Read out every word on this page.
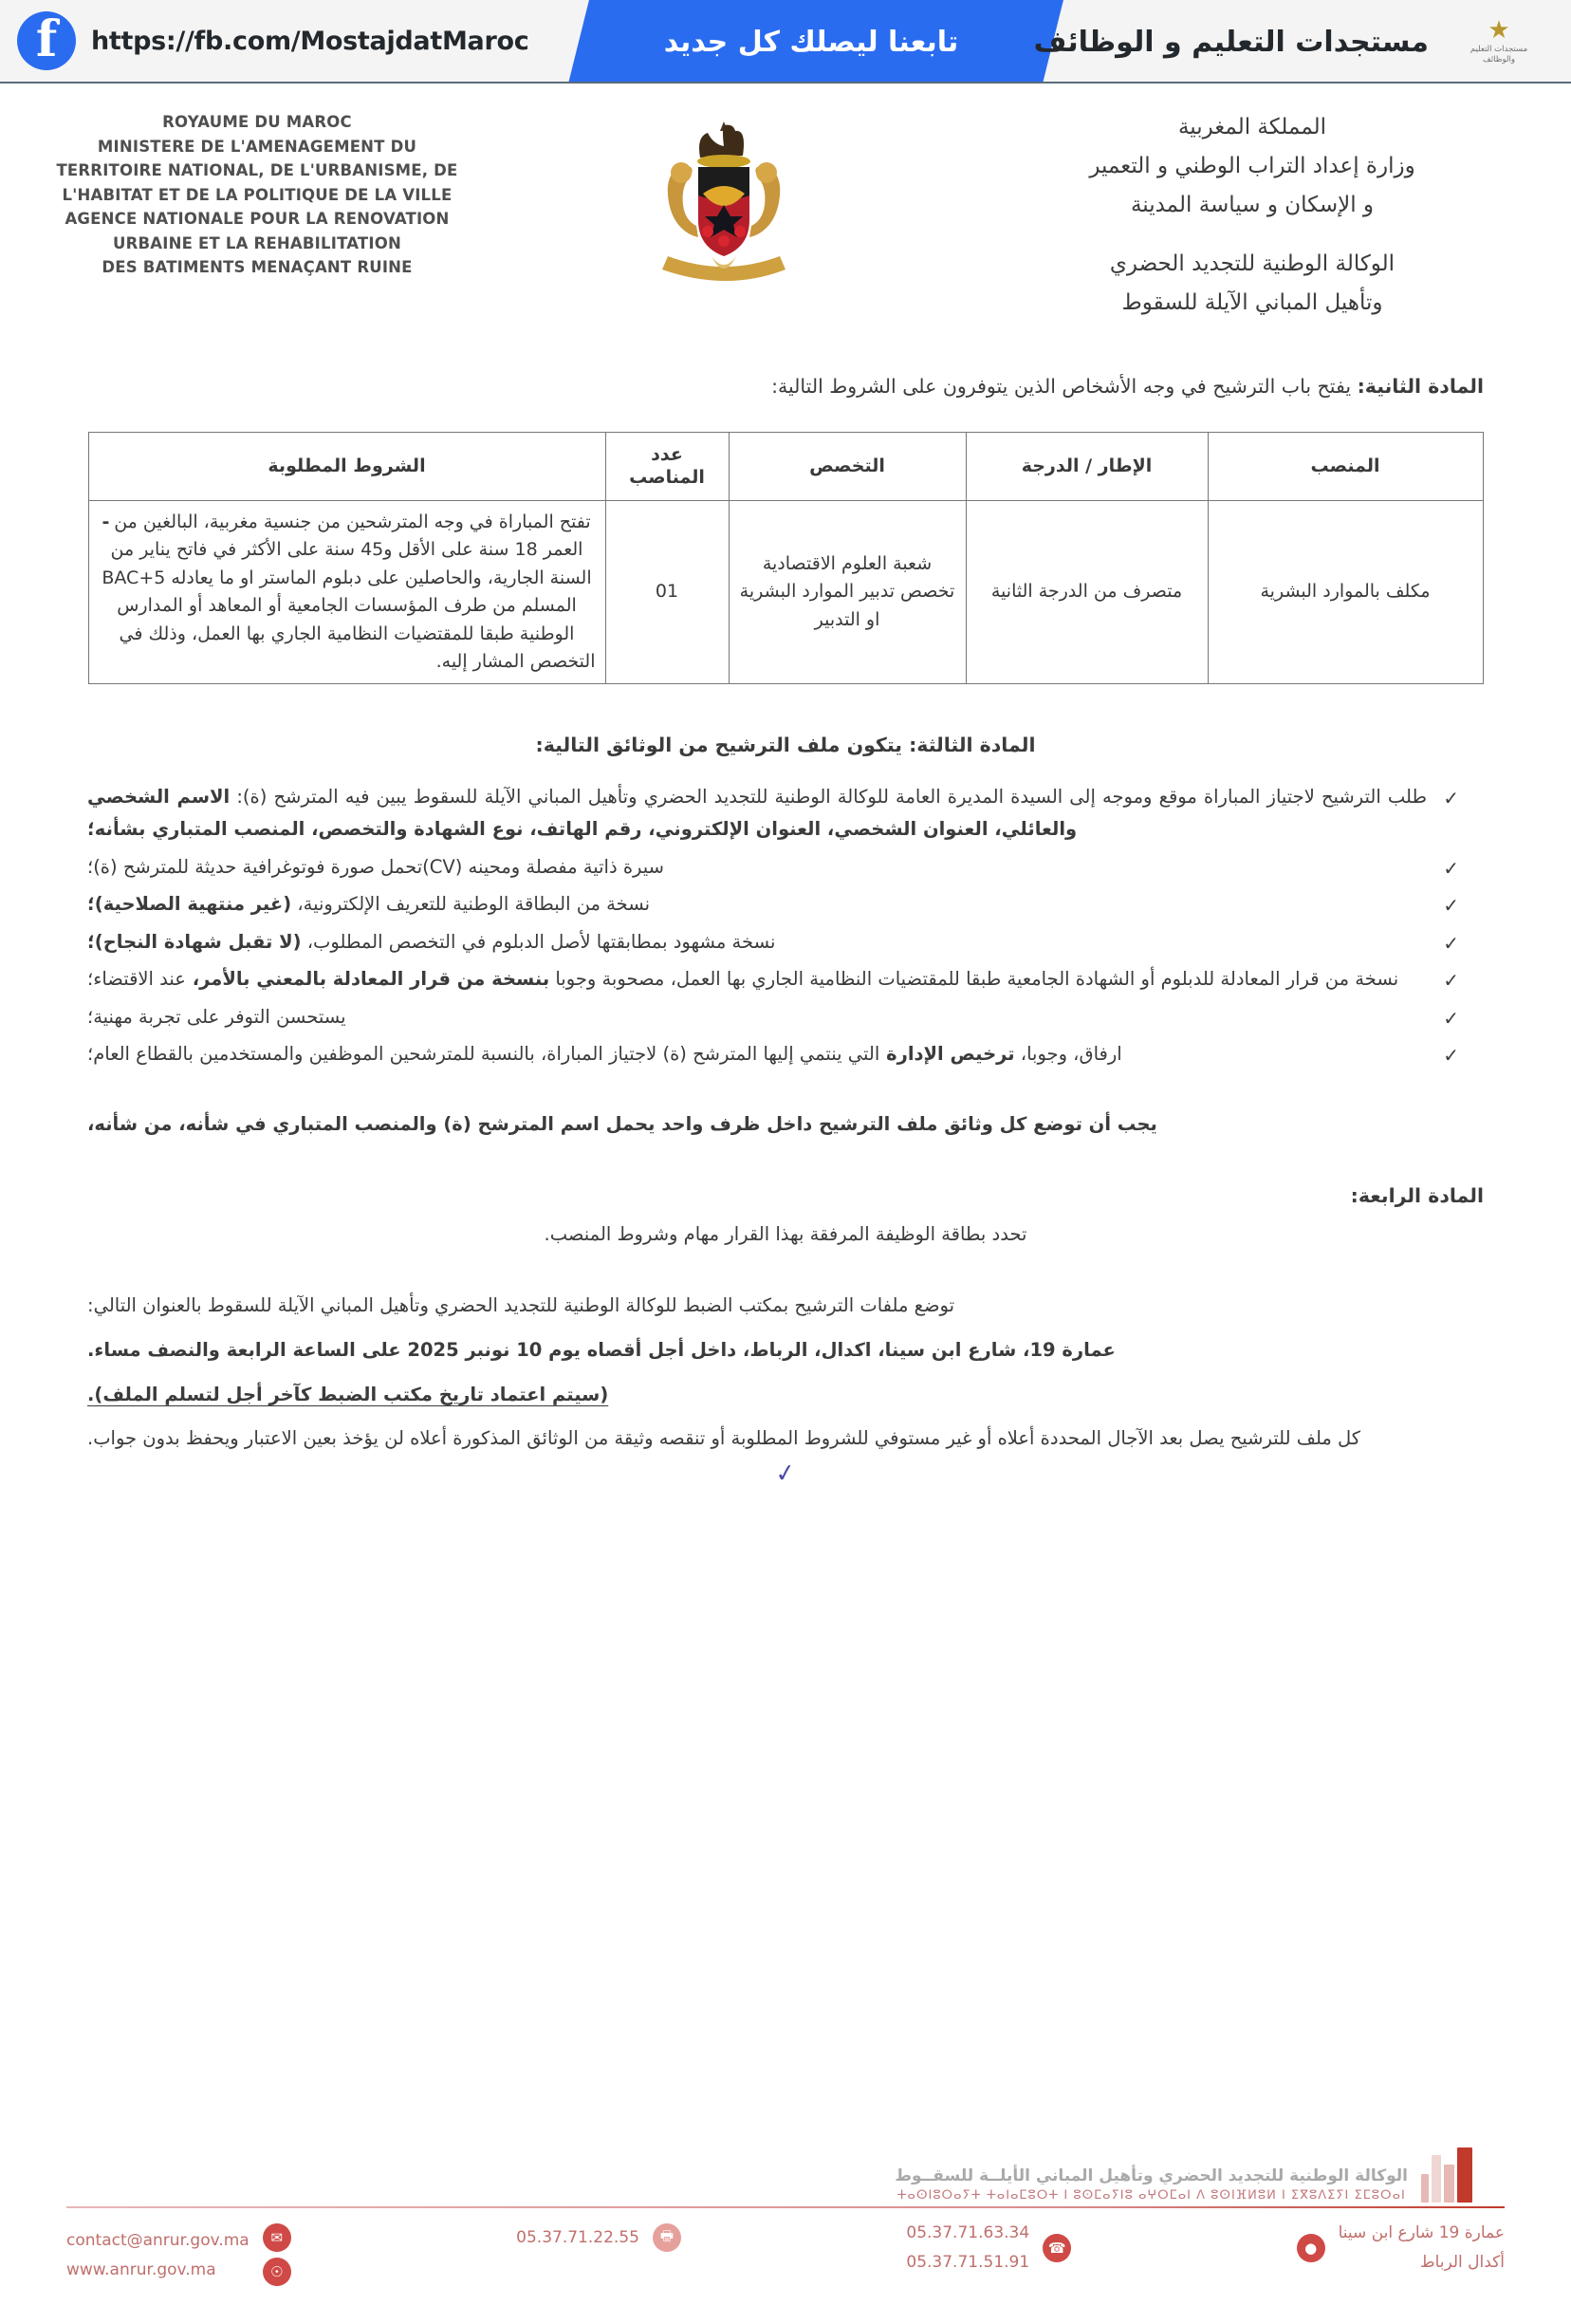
f
https://fb.com/MostajdatMaroc	تابعنا ليصلك كل جديد	مستجدات التعليم و الوظائف ★
مستجدات التعليم
والوظائف
ROYAUME DU MAROC
MINISTERE DE L'AMENAGEMENT DU
TERRITOIRE NATIONAL, DE L'URBANISME, DE
L'HABITAT ET DE LA POLITIQUE DE LA VILLE
AGENCE NATIONALE POUR LA RENOVATION
URBAINE ET LA REHABILITATION
DES BATIMENTS MENAÇANT RUINE
المملكة المغربية
وزارة إعداد التراب الوطني و التعمير
و الإسكان و سياسة المدينة
الوكالة الوطنية للتجديد الحضري
وتأهيل المباني الآيلة للسقوط
المادة الثانية: يفتح باب الترشيح في وجه الأشخاص الذين يتوفرون على الشروط التالية:
المنصب	الإطار / الدرجة	التخصص	عدد المناصب	الشروط المطلوبة
مكلف بالموارد البشرية	متصرف من الدرجة الثانية	شعبة العلوم الاقتصادية تخصص تدبير الموارد البشرية او التدبير	01	- تفتح المباراة في وجه المترشحين من جنسية مغربية، البالغين من العمر 18 سنة على الأقل و45 سنة على الأكثر في فاتح يناير من السنة الجارية، والحاصلين على دبلوم الماستر او ما يعادله BAC+5 المسلم من طرف المؤسسات الجامعية أو المعاهد أو المدارس الوطنية طبقا للمقتضيات النظامية الجاري بها العمل، وذلك في التخصص المشار إليه.
المادة الثالثة: يتكون ملف الترشيح من الوثائق التالية:
✓ طلب الترشيح لاجتياز المباراة موقع وموجه إلى السيدة المديرة العامة للوكالة الوطنية للتجديد الحضري وتأهيل المباني الآيلة للسقوط يبين فيه المترشح (ة): الاسم الشخصي والعائلي، العنوان الشخصي، العنوان الإلكتروني، رقم الهاتف، نوع الشهادة والتخصص، المنصب المتباري بشأنه؛
✓ سيرة ذاتية مفصلة ومحينه (CV)تحمل صورة فوتوغرافية حديثة للمترشح (ة)؛
✓ نسخة من البطاقة الوطنية للتعريف الإلكترونية، (غير منتهية الصلاحية)؛
✓ نسخة مشهود بمطابقتها لأصل الدبلوم في التخصص المطلوب، (لا تقبل شهادة النجاح)؛
✓ نسخة من قرار المعادلة للدبلوم أو الشهادة الجامعية طبقا للمقتضيات النظامية الجاري بها العمل، مصحوبة وجوبا بنسخة من قرار المعادلة بالمعني بالأمر، عند الاقتضاء؛
✓ يستحسن التوفر على تجربة مهنية؛
✓ ارفاق، وجوبا، ترخيص الإدارة التي ينتمي إليها المترشح (ة) لاجتياز المباراة، بالنسبة للمترشحين الموظفين والمستخدمين بالقطاع العام؛
يجب أن توضع كل وثائق ملف الترشيح داخل ظرف واحد يحمل اسم المترشح (ة) والمنصب المتباري في شأنه، من شأنه،
المادة الرابعة:
تحدد بطاقة الوظيفة المرفقة بهذا القرار مهام وشروط المنصب.
توضع ملفات الترشيح بمكتب الضبط للوكالة الوطنية للتجديد الحضري وتأهيل المباني الآيلة للسقوط بالعنوان التالي:
عمارة 19، شارع ابن سينا، اكدال، الرباط، داخل أجل أقصاه يوم 10 نونبر 2025 على الساعة الرابعة والنصف مساء.
(سيتم اعتماد تاريخ مكتب الضبط كآخر أجل لتسلم الملف).
كل ملف للترشيح يصل بعد الآجال المحددة أعلاه أو غير مستوفي للشروط المطلوبة أو تنقصه وثيقة من الوثائق المذكورة أعلاه لن يؤخذ بعين الاعتبار ويحفظ بدون جواب.
✓
الوكالة الوطنية للتجديد الحضري وتأهيل المباني الأيلــة للسقــوط
ⵜⴰⵙⵏⵓⵔⴰⵢⵜ ⵜⴰⵏⴰⵎⵓⵔⵜ ⵏ ⵓⵙⵎⴰⵢⵏⵓ ⴰⵖⵔⵎⴰⵏ ⴷ ⵓⵙⵏⴼⵍⵓⵍ ⵏ ⵉⴳⵓⴷⵉⵢⵏ ⵉⵎⵓⵔⴰⵏ
contact@anrur.gov.ma
www.anrur.gov.ma
✉
☉
05.37.71.22.55	🖶	05.37.71.63.34
05.37.71.51.91
☎
عمارة 19 شارع ابن سينا
أكدال الرباط
●
